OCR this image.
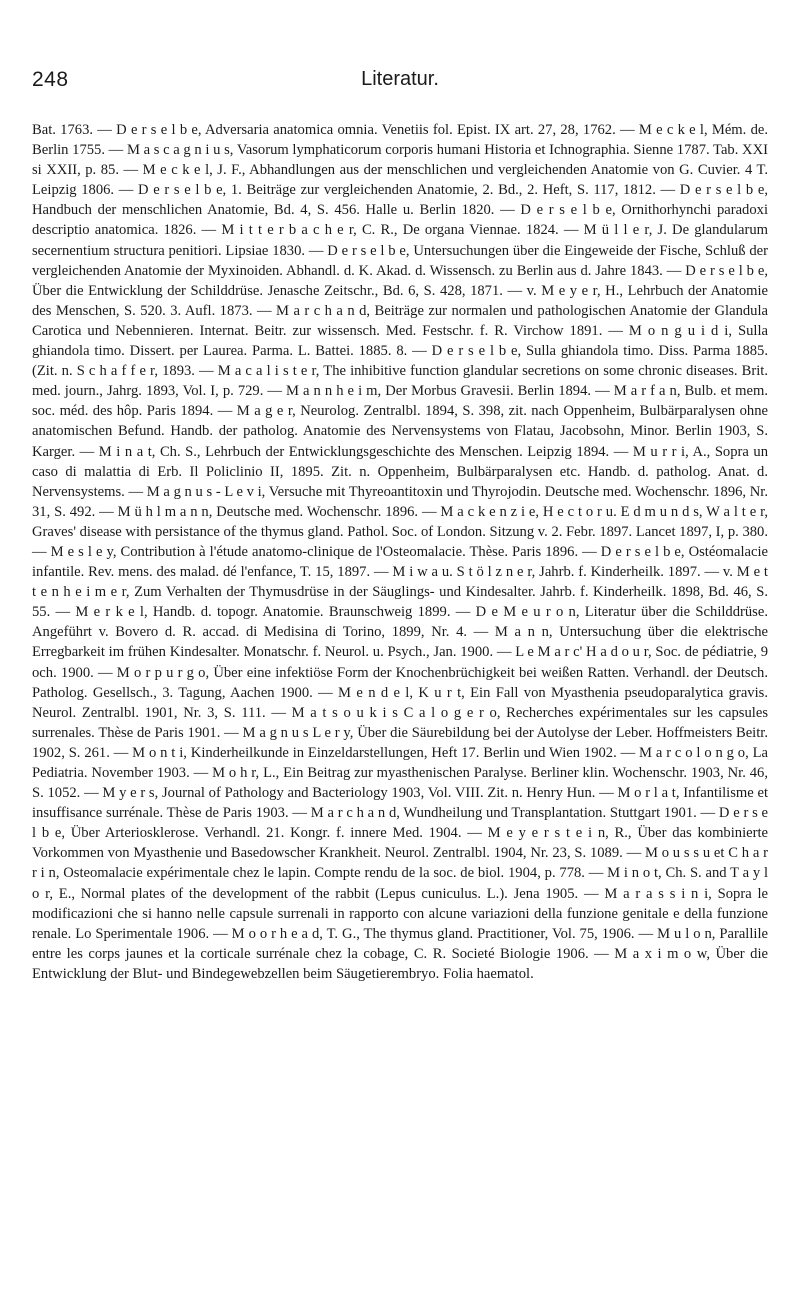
248	Literatur.

Bat. 1763. — D e r s e l b e, Adversaria anatomica omnia. Venetiis fol. Epist. IX art. 27, 28, 1762. — M e c k e l, Mém. de. Berlin 1755. — M a s c a g n i u s, Vasorum lymphaticorum corporis humani Historia et Ichnographia. Sienne 1787. Tab. XXI si XXII, p. 85. — M e c k e l, J. F., Abhandlungen aus der menschlichen und vergleichenden Anatomie von G. Cuvier. 4 T. Leipzig 1806. — D e r s e l b e, 1. Beiträge zur vergleichenden Anatomie, 2. Bd., 2. Heft, S. 117, 1812. — D e r s e l b e, Handbuch der menschlichen Anatomie, Bd. 4, S. 456. Halle u. Berlin 1820. — D e r s e l b e, Ornithorhynchi paradoxi descriptio anatomica. 1826. — M i t t e r b a c h e r, C. R., De organa Viennae. 1824. — M ü l l e r, J. De glandularum secernentium structura penitiori. Lipsiae 1830. — D e r s e l b e, Untersuchungen über die Eingeweide der Fische, Schluß der vergleichenden Anatomie der Myxinoiden. Abhandl. d. K. Akad. d. Wissensch. zu Berlin aus d. Jahre 1843. — D e r s e l b e, Über die Entwicklung der Schilddrüse. Jenasche Zeitschr., Bd. 6, S. 428, 1871. — v. M e y e r, H., Lehrbuch der Anatomie des Menschen, S. 520. 3. Aufl. 1873. — M a r c h a n d, Beiträge zur normalen und pathologischen Anatomie der Glandula Carotica und Nebennieren. Internat. Beitr. zur wissensch. Med. Festschr. f. R. Virchow 1891. — M o n g u i d i, Sulla ghiandola timo. Dissert. per Laurea. Parma. L. Battei. 1885. 8. — D e r s e l b e, Sulla ghiandola timo. Diss. Parma 1885. (Zit. n. S c h a f f e r, 1893. — M a c a l i s t e r, The inhibitive function glandular secretions on some chronic diseases. Brit. med. journ., Jahrg. 1893, Vol. I, p. 729. — M a n n h e i m, Der Morbus Gravesii. Berlin 1894. — M a r f a n, Bulb. et mem. soc. méd. des hôp. Paris 1894. — M a g e r, Neurolog. Zentralbl. 1894, S. 398, zit. nach Oppenheim, Bulbärparalysen ohne anatomischen Befund. Handb. der patholog. Anatomie des Nervensystems von Flatau, Jacobsohn, Minor. Berlin 1903, S. Karger. — M i n a t, Ch. S., Lehrbuch der Entwicklungsgeschichte des Menschen. Leipzig 1894. — M u r r i, A., Sopra un caso di malattia di Erb. Il Policlinio II, 1895. Zit. n. Oppenheim, Bulbärparalysen etc. Handb. d. patholog. Anat. d. Nervensystems. — M a g n u s - L e v i, Versuche mit Thyreoantitoxin und Thyrojodin. Deutsche med. Wochenschr. 1896, Nr. 31, S. 492. — M ü h l m a n n, Deutsche med. Wochenschr. 1896. — M a c k e n z i e, H e c t o r u. E d m u n d s, W a l t e r, Graves' disease with persistance of the thymus gland. Pathol. Soc. of London. Sitzung v. 2. Febr. 1897. Lancet 1897, I, p. 380. — M e s l e y, Contribution à l'étude anatomo-clinique de l'Osteomalacie. Thèse. Paris 1896. — D e r s e l b e, Ostéomalacie infantile. Rev. mens. des malad. dé l'enfance, T. 15, 1897. — M i w a u. S t ö l z n e r, Jahrb. f. Kinderheilk. 1897. — v. M e t t e n h e i m e r, Zum Verhalten der Thymusdrüse in der Säuglings- und Kindesalter. Jahrb. f. Kinderheilk. 1898, Bd. 46, S. 55. — M e r k e l, Handb. d. topogr. Anatomie. Braunschweig 1899. — D e M e u r o n, Literatur über die Schilddrüse. Angeführt v. Bovero d. R. accad. di Medisina di Torino, 1899, Nr. 4. — M a n n, Untersuchung über die elektrische Erregbarkeit im frühen Kindesalter. Monatschr. f. Neurol. u. Psych., Jan. 1900. — L e M a r c' H a d o u r, Soc. de pédiatrie, 9 och. 1900. — M o r p u r g o, Über eine infektiöse Form der Knochenbrüchigkeit bei weißen Ratten. Verhandl. der Deutsch. Patholog. Gesellsch., 3. Tagung, Aachen 1900. — M e n d e l, K u r t, Ein Fall von Myasthenia pseudoparalytica gravis. Neurol. Zentralbl. 1901, Nr. 3, S. 111. — M a t s o u k i s C a l o g e r o, Recherches expérimentales sur les capsules surrenales. Thèse de Paris 1901. — M a g n u s L e r y, Über die Säurebildung bei der Autolyse der Leber. Hoffmeisters Beitr. 1902, S. 261. — M o n t i, Kinderheilkunde in Einzeldarstellungen, Heft 17. Berlin und Wien 1902. — M a r c o l o n g o, La Pediatria. November 1903. — M o h r, L., Ein Beitrag zur myasthenischen Paralyse. Berliner klin. Wochenschr. 1903, Nr. 46, S. 1052. — M y e r s, Journal of Pathology and Bacteriology 1903, Vol. VIII. Zit. n. Henry Hun. — M o r l a t, Infantilisme et insuffisance surrénale. Thèse de Paris 1903. — M a r c h a n d, Wundheilung und Transplantation. Stuttgart 1901. — D e r s e l b e, Über Arteriosklerose. Verhandl. 21. Kongr. f. innere Med. 1904. — M e y e r s t e i n, R., Über das kombinierte Vorkommen von Myasthenie und Basedowscher Krankheit. Neurol. Zentralbl. 1904, Nr. 23, S. 1089. — M o u s s u et C h a r r i n, Osteomalacie expérimentale chez le lapin. Compte rendu de la soc. de biol. 1904, p. 778. — M i n o t, Ch. S. and T a y l o r, E., Normal plates of the development of the rabbit (Lepus cuniculus. L.). Jena 1905. — M a r a s s i n i, Sopra le modificazioni che si hanno nelle capsule surrenali in rapporto con alcune variazioni della funzione genitale e della funzione renale. Lo Sperimentale 1906. — M o o r h e a d, T. G., The thymus gland. Practitioner, Vol. 75, 1906. — M u l o n, Parallile entre les corps jaunes et la corticale surrénale chez la cobage, C. R. Societé Biologie 1906. — M a x i m o w, Über die Entwicklung der Blut- und Bindegewebzellen beim Säugetierembryo. Folia haematol.
